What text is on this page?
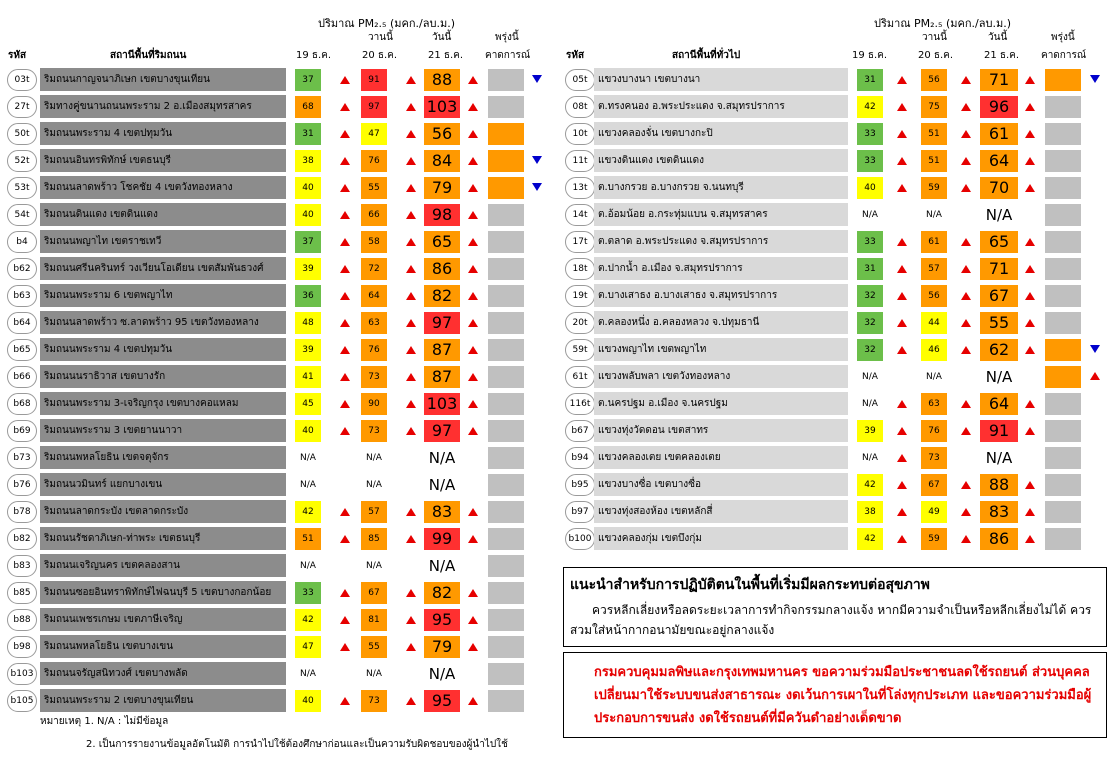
ปริมาณ PM₂.₅ (มคก./ลบ.ม.)
วานนี้	วันนี้	พรุ่งนี้
รหัส	สถานีพื้นที่ริมถนน	19 ธ.ค.	20 ธ.ค.	21 ธ.ค. คาดการณ์
03t	ริมถนนกาญจนาภิเษก เขตบางขุนเทียน	37	91	88
27t	ริมทางคู่ขนานถนนพระราม 2 อ.เมืองสมุทรสาคร	68	97	103
50t	ริมถนนพระราม 4 เขตปทุมวัน	31	47	56
52t	ริมถนนอินทรพิทักษ์ เขตธนบุรี	38	76	84
53t	ริมถนนลาดพร้าว โชคชัย 4 เขตวังทองหลาง	40	55	79
54t	ริมถนนดินแดง เขตดินแดง	40	66	98
b4	ริมถนนพญาไท เขตราชเทวี	37	58	65
b62	ริมถนนศรีนครินทร์ วงเวียนโอเดียน เขตสัมพันธวงศ์	39	72	86
b63	ริมถนนพระราม 6 เขตพญาไท	36	64	82
b64	ริมถนนลาดพร้าว ซ.ลาดพร้าว 95 เขตวังทองหลาง	48	63	97
b65	ริมถนนพระราม 4 เขตปทุมวัน	39	76	87
b66	ริมถนนนราธิวาส เขตบางรัก	41	73	87
b68	ริมถนนพระราม 3-เจริญกรุง เขตบางคอแหลม	45	90	103
b69	ริมถนนพระราม 3 เขตยานนาวา	40	73	97
b73	ริมถนนพหลโยธิน เขตจตุจักร	N/A	N/A	N/A
b76	ริมถนนวมินทร์ แยกบางเขน	N/A	N/A	N/A
b78	ริมถนนลาดกระบัง เขตลาดกระบัง	42	57	83
b82	ริมถนนรัชดาภิเษก-ท่าพระ เขตธนบุรี	51	85	99
b83	ริมถนนเจริญนคร เขตคลองสาน	N/A	N/A	N/A
b85	ริมถนนซอยอินทราพิทักษ์ไฟฉนบุรี 5 เขตบางกอกน้อย	33	67	82
b88	ริมถนนเพชรเกษม เขตภาษีเจริญ	42	81	95
b98	ริมถนนพหลโยธิน เขตบางเขน	47	55	79
b103	ริมถนนจรัญสนิทวงศ์ เขตบางพลัด	N/A	N/A	N/A
b105	ริมถนนพระราม 2 เขตบางขุนเทียน	40	73	95
หมายเหตุ 1. N/A : ไม่มีข้อมูล
2. เป็นการรายงานข้อมูลอัตโนมัติ การนำไปใช้ต้องศึกษาก่อนและเป็นความรับผิดชอบของผู้นำไปใช้
ปริมาณ PM₂.₅ (มคก./ลบ.ม.)
วานนี้	วันนี้	พรุ่งนี้
รหัส	สถานีพื้นที่ทั่วไป	19 ธ.ค.	20 ธ.ค.	21 ธ.ค. คาดการณ์
05t	แขวงบางนา เขตบางนา	31	56	71
08t	ต.ทรงคนอง อ.พระประแดง จ.สมุทรปราการ	42	75	96
10t	แขวงคลองจั่น เขตบางกะปิ	33	51	61
11t	แขวงดินแดง เขตดินแดง	33	51	64
13t	ต.บางกรวย อ.บางกรวย จ.นนทบุรี	40	59	70
14t	ต.อ้อมน้อย อ.กระทุ่มแบน จ.สมุทรสาคร	N/A	N/A	N/A
17t	ต.ตลาด อ.พระประแดง จ.สมุทรปราการ	33	61	65
18t	ต.ปากน้ำ อ.เมือง จ.สมุทรปราการ	31	57	71
19t	ต.บางเสาธง อ.บางเสาธง จ.สมุทรปราการ	32	56	67
20t	ต.คลองหนึ่ง อ.คลองหลวง จ.ปทุมธานี	32	44	55
59t	แขวงพญาไท เขตพญาไท	32	46	62
61t	แขวงพลับพลา เขตวังทองหลาง	N/A	N/A	N/A
116t ต.นครปฐม อ.เมือง จ.นครปฐม	N/A	63	64
b67 แขวงทุ่งวัดดอน เขตสาทร	39	76	91
b94 แขวงคลองเตย เขตคลองเตย	N/A	73	N/A
b95 แขวงบางซื่อ เขตบางซื่อ	42	67	88
b97 แขวงทุ่งสองห้อง เขตหลักสี่	38	49	83
b100 แขวงคลองกุ่ม เขตบึงกุ่ม	42	59	86
แนะนำสำหรับการปฏิบัติตนในพื้นที่เริ่มมีผลกระทบต่อสุขภาพ
ควรหลีกเลี่ยงหรือลดระยะเวลาการทำกิจกรรมกลางแจ้ง หากมีความจำเป็นหรือหลีกเลี่ยงไม่ได้ ควรสวมใส่หน้ากากอนามัยขณะอยู่กลางแจ้ง
กรมควบคุมมลพิษและกรุงเทพมหานคร ขอความร่วมมือประชาชนลดใช้รถยนต์ ส่วนบุคคล เปลี่ยนมาใช้ระบบขนส่งสาธารณะ งดเว้นการเผาในที่โล่งทุกประเภท และขอความร่วมมือผู้ประกอบการขนส่ง งดใช้รถยนต์ที่มีควันดำอย่างเด็ดขาด
